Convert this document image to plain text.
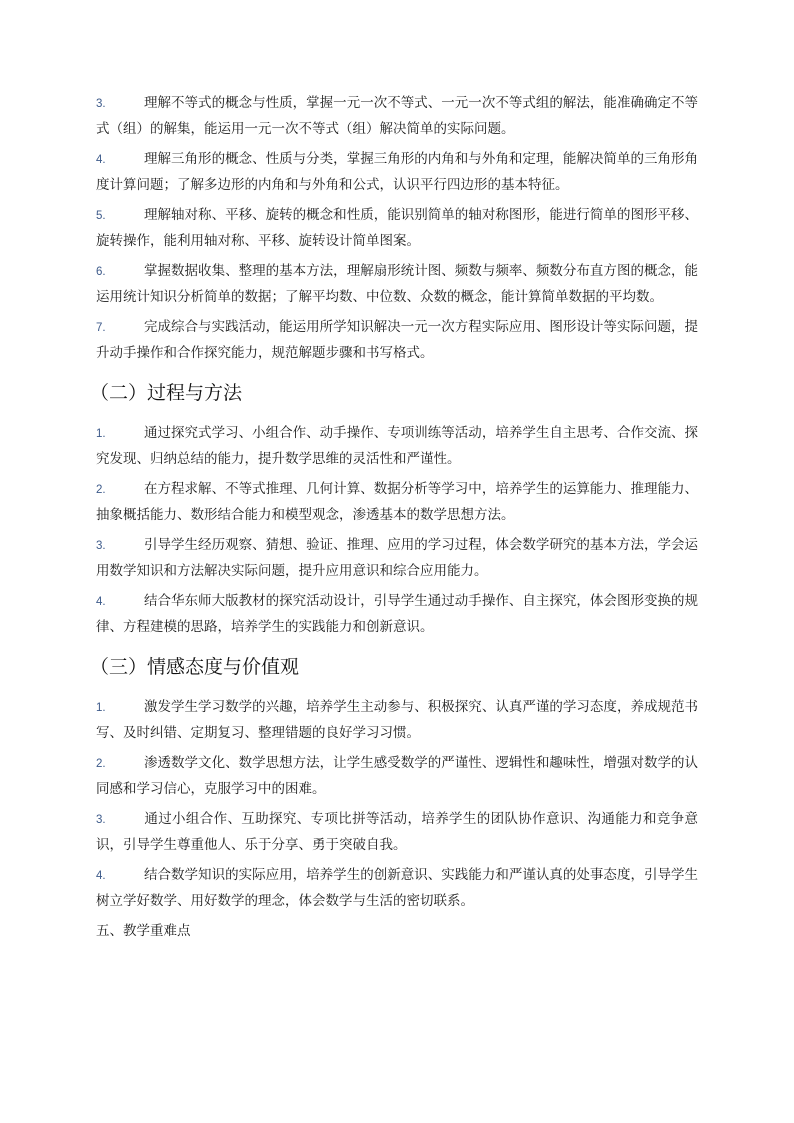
3.	理解不等式的概念与性质，掌握一元一次不等式、一元一次不等式组的解法，能准确确定不等式（组）的解集，能运用一元一次不等式（组）解决简单的实际问题。
4.	理解三角形的概念、性质与分类，掌握三角形的内角和与外角和定理，能解决简单的三角形角度计算问题；了解多边形的内角和与外角和公式，认识平行四边形的基本特征。
5.	理解轴对称、平移、旋转的概念和性质，能识别简单的轴对称图形，能进行简单的图形平移、旋转操作，能利用轴对称、平移、旋转设计简单图案。
6.	掌握数据收集、整理的基本方法，理解扇形统计图、频数与频率、频数分布直方图的概念，能运用统计知识分析简单的数据；了解平均数、中位数、众数的概念，能计算简单数据的平均数。
7.	完成综合与实践活动，能运用所学知识解决一元一次方程实际应用、图形设计等实际问题，提升动手操作和合作探究能力，规范解题步骤和书写格式。
（二）过程与方法
1.	通过探究式学习、小组合作、动手操作、专项训练等活动，培养学生自主思考、合作交流、探究发现、归纳总结的能力，提升数学思维的灵活性和严谨性。
2.	在方程求解、不等式推理、几何计算、数据分析等学习中，培养学生的运算能力、推理能力、抽象概括能力、数形结合能力和模型观念，渗透基本的数学思想方法。
3.	引导学生经历观察、猜想、验证、推理、应用的学习过程，体会数学研究的基本方法，学会运用数学知识和方法解决实际问题，提升应用意识和综合应用能力。
4.	结合华东师大版教材的探究活动设计，引导学生通过动手操作、自主探究，体会图形变换的规律、方程建模的思路，培养学生的实践能力和创新意识。
（三）情感态度与价值观
1.	激发学生学习数学的兴趣，培养学生主动参与、积极探究、认真严谨的学习态度，养成规范书写、及时纠错、定期复习、整理错题的良好学习习惯。
2.	渗透数学文化、数学思想方法，让学生感受数学的严谨性、逻辑性和趣味性，增强对数学的认同感和学习信心，克服学习中的困难。
3.	通过小组合作、互助探究、专项比拼等活动，培养学生的团队协作意识、沟通能力和竞争意识，引导学生尊重他人、乐于分享、勇于突破自我。
4.	结合数学知识的实际应用，培养学生的创新意识、实践能力和严谨认真的处事态度，引导学生树立学好数学、用好数学的理念，体会数学与生活的密切联系。
五、教学重难点
